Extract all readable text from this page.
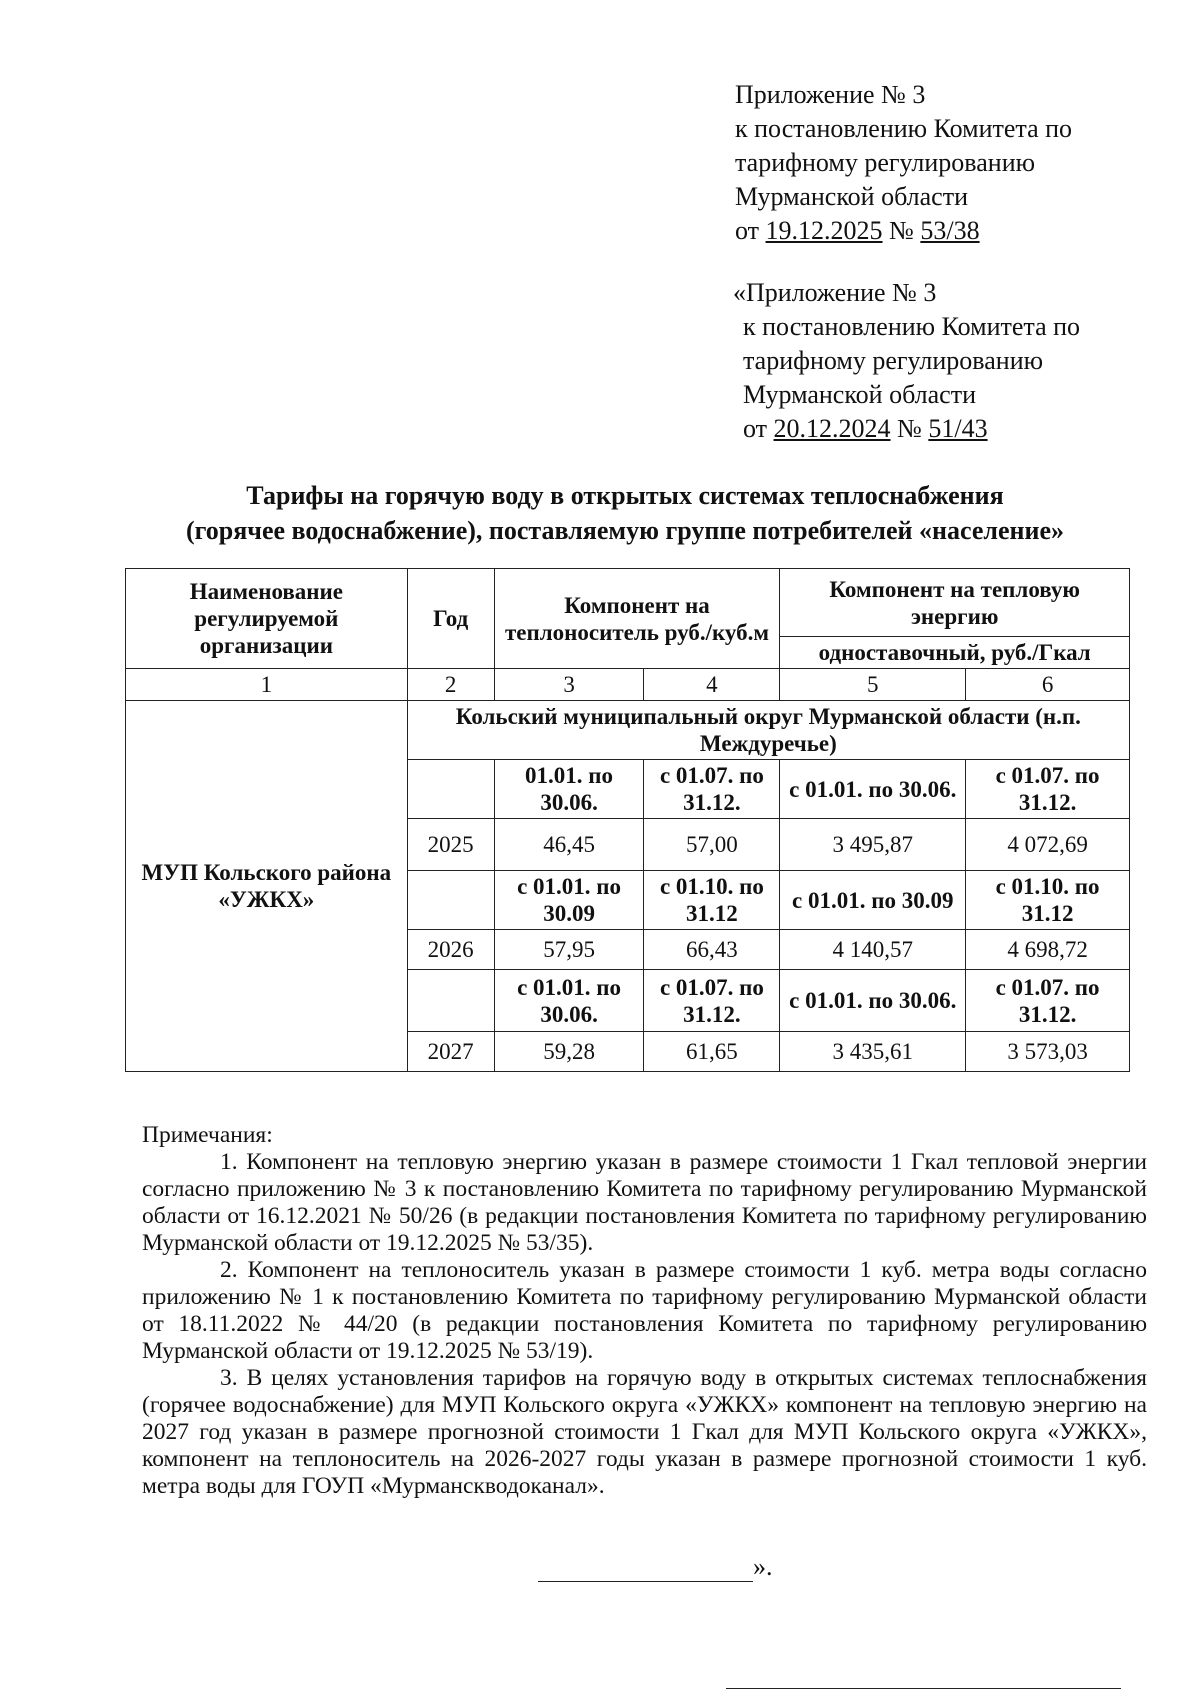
Приложение № 3
к постановлению Комитета по
тарифному регулированию
Мурманской области
от 19.12.2025 № 53/38
«Приложение № 3
к постановлению Комитета по
тарифному регулированию
Мурманской области
от 20.12.2024 № 51/43
Тарифы на горячую воду в открытых системах теплоснабжения
(горячее водоснабжение), поставляемую группе потребителей «население»
Наименование регулируемой организации	Год	Компонент на теплоноситель руб./куб.м		Компонент на тепловую энергию	
				одноставочный, руб./Гкал	
1	2	3	4	5	6
МУП Кольского района «УЖКХ»	Кольский муниципальный округ Мурманской области (н.п. Междуречье)				
		01.01. по 30.06.	с 01.07. по 31.12.	с 01.01. по 30.06.	с 01.07. по 31.12.
	2025	46,45	57,00	3 495,87	4 072,69
		с 01.01. по 30.09	с 01.10. по 31.12	с 01.01. по 30.09	с 01.10. по 31.12
	2026	57,95	66,43	4 140,57	4 698,72
		с 01.01. по 30.06.	с 01.07. по 31.12.	с 01.01. по 30.06.	с 01.07. по 31.12.
	2027	59,28	61,65	3 435,61	3 573,03

Примечания:

1. Компонент на тепловую энергию указан в размере стоимости 1 Гкал тепловой энергии согласно приложению № 3 к постановлению Комитета по тарифному регулированию Мурманской области от 16.12.2021 № 50/26 (в редакции постановления Комитета по тарифному регулированию Мурманской области от 19.12.2025 № 53/35).

2. Компонент на теплоноситель указан в размере стоимости 1 куб. метра воды согласно приложению № 1 к постановлению Комитета по тарифному регулированию Мурманской области от 18.11.2022 № 44/20 (в редакции постановления Комитета по тарифному регулированию Мурманской области от 19.12.2025 № 53/19).

3. В целях установления тарифов на горячую воду в открытых системах теплоснабжения (горячее водоснабжение) для МУП Кольского округа «УЖКХ» компонент на тепловую энергию на 2027 год указан в размере прогнозной стоимости 1 Гкал для МУП Кольского округа «УЖКХ», компонент на теплоноситель на 2026-2027 годы указан в размере прогнозной стоимости 1 куб. метра воды для ГОУП «Мурманскводоканал».

».
